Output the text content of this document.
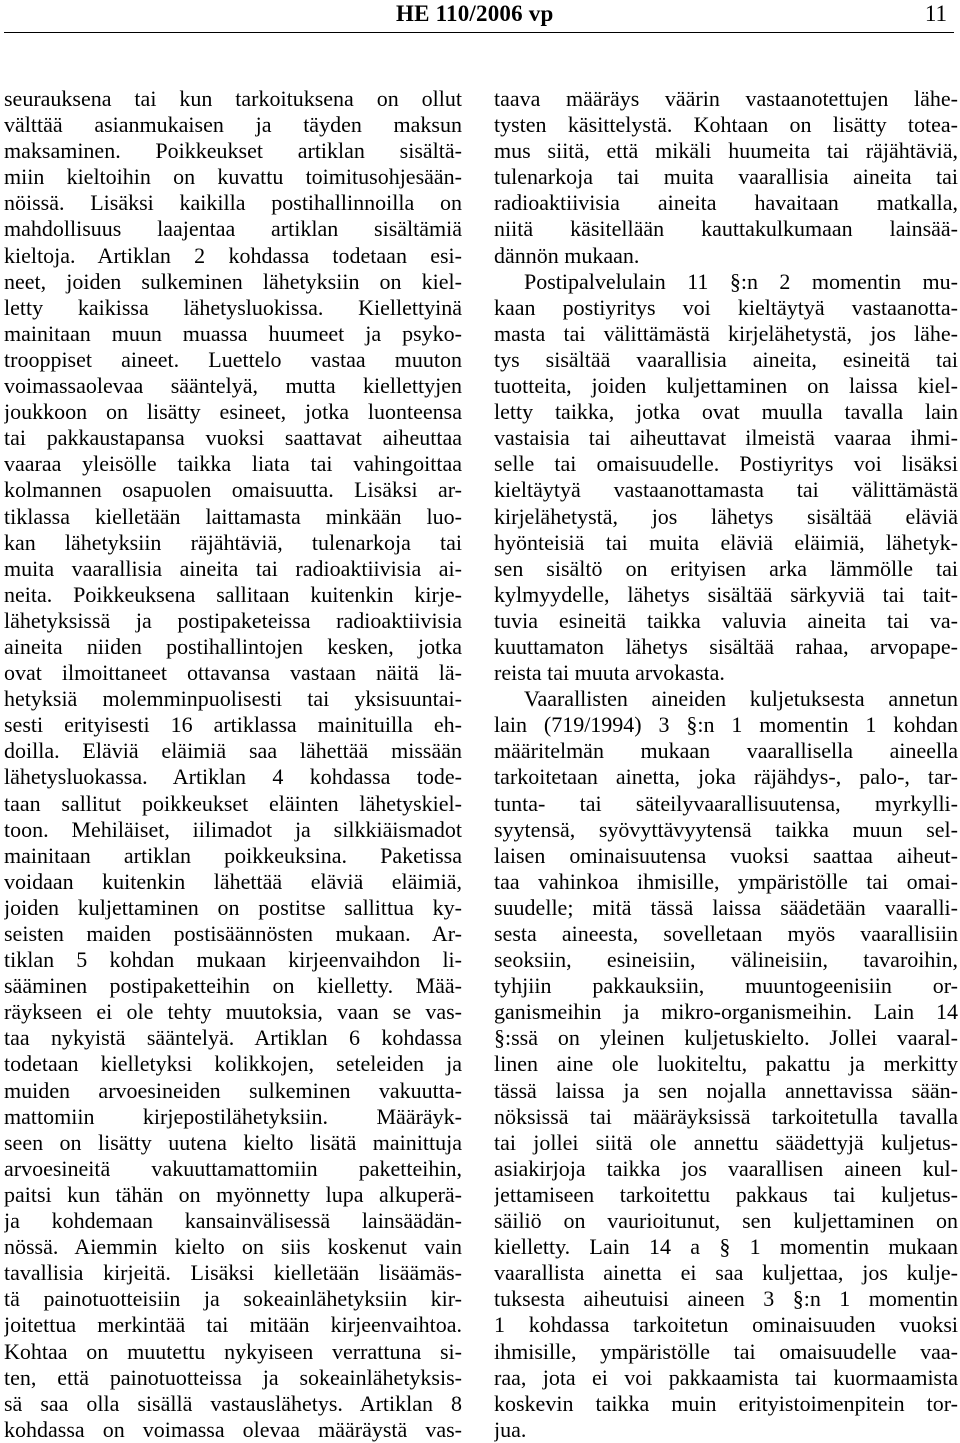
HE 110/2006 vp	11
seurauksena tai kun tarkoituksena on ollut
välttää asianmukaisen ja täyden maksun
maksaminen. Poikkeukset artiklan sisältä-
miin kieltoihin on kuvattu toimitusohjesään-
nöissä. Lisäksi kaikilla postihallinnoilla on
mahdollisuus laajentaa artiklan sisältämiä
kieltoja. Artiklan 2 kohdassa todetaan esi-
neet, joiden sulkeminen lähetyksiin on kiel-
letty kaikissa lähetysluokissa. Kiellettyinä
mainitaan muun muassa huumeet ja psyko-
trooppiset aineet. Luettelo vastaa muuton
voimassaolevaa sääntelyä, mutta kiellettyjen
joukkoon on lisätty esineet, jotka luonteensa
tai pakkaustapansa vuoksi saattavat aiheuttaa
vaaraa yleisölle taikka liata tai vahingoittaa
kolmannen osapuolen omaisuutta. Lisäksi ar-
tiklassa kielletään laittamasta minkään luo-
kan lähetyksiin räjähtäviä, tulenarkoja tai
muita vaarallisia aineita tai radioaktiivisia ai-
neita. Poikkeuksena sallitaan kuitenkin kirje-
lähetyksissä ja postipaketeissa radioaktiivisia
aineita niiden postihallintojen kesken, jotka
ovat ilmoittaneet ottavansa vastaan näitä lä-
hetyksiä molemminpuolisesti tai yksisuuntai-
sesti erityisesti 16 artiklassa mainituilla eh-
doilla. Eläviä eläimiä saa lähettää missään
lähetysluokassa. Artiklan 4 kohdassa tode-
taan sallitut poikkeukset eläinten lähetyskiel-
toon. Mehiläiset, iilimadot ja silkkiäismadot
mainitaan artiklan poikkeuksina. Paketissa
voidaan kuitenkin lähettää eläviä eläimiä,
joiden kuljettaminen on postitse sallittua ky-
seisten maiden postisäännösten mukaan. Ar-
tiklan 5 kohdan mukaan kirjeenvaihdon li-
sääminen postipaketteihin on kielletty. Mää-
räykseen ei ole tehty muutoksia, vaan se vas-
taa nykyistä sääntelyä. Artiklan 6 kohdassa
todetaan kielletyksi kolikkojen, seteleiden ja
muiden arvoesineiden sulkeminen vakuutta-
mattomiin kirjepostilähetyksiin. Määräyk-
seen on lisätty uutena kielto lisätä mainittuja
arvoesineitä vakuuttamattomiin paketteihin,
paitsi kun tähän on myönnetty lupa alkuperä-
ja kohdemaan kansainvälisessä lainsäädän-
nössä. Aiemmin kielto on siis koskenut vain
tavallisia kirjeitä. Lisäksi kielletään lisäämäs-
tä painotuotteisiin ja sokeainlähetyksiin kir-
joitettua merkintää tai mitään kirjeenvaihtoa.
Kohtaa on muutettu nykyiseen verrattuna si-
ten, että painotuotteissa ja sokeainlähetyksis-
sä saa olla sisällä vastauslähetys. Artiklan 8
kohdassa on voimassa olevaa määräystä vas-
taava määräys väärin vastaanotettujen lähe-
tysten käsittelystä. Kohtaan on lisätty totea-
mus siitä, että mikäli huumeita tai räjähtäviä,
tulenarkoja tai muita vaarallisia aineita tai
radioaktiivisia aineita havaitaan matkalla,
niitä käsitellään kauttakulkumaan lainsää-
dännön mukaan.
Postipalvelulain 11 §:n 2 momentin mu-
kaan postiyritys voi kieltäytyä vastaanotta-
masta tai välittämästä kirjelähetystä, jos lähe-
tys sisältää vaarallisia aineita, esineitä tai
tuotteita, joiden kuljettaminen on laissa kiel-
letty taikka, jotka ovat muulla tavalla lain
vastaisia tai aiheuttavat ilmeistä vaaraa ihmi-
selle tai omaisuudelle. Postiyritys voi lisäksi
kieltäytyä vastaanottamasta tai välittämästä
kirjelähetystä, jos lähetys sisältää eläviä
hyönteisiä tai muita eläviä eläimiä, lähetyk-
sen sisältö on erityisen arka lämmölle tai
kylmyydelle, lähetys sisältää särkyviä tai tait-
tuvia esineitä taikka valuvia aineita tai va-
kuuttamaton lähetys sisältää rahaa, arvopape-
reista tai muuta arvokasta.
Vaarallisten aineiden kuljetuksesta annetun
lain (719/1994) 3 §:n 1 momentin 1 kohdan
määritelmän mukaan vaarallisella aineella
tarkoitetaan ainetta, joka räjähdys-, palo-, tar-
tunta- tai säteilyvaarallisuutensa, myrkylli-
syytensä, syövyttävyytensä taikka muun sel-
laisen ominaisuutensa vuoksi saattaa aiheut-
taa vahinkoa ihmisille, ympäristölle tai omai-
suudelle; mitä tässä laissa säädetään vaaralli-
sesta aineesta, sovelletaan myös vaarallisiin
seoksiin, esineisiin, välineisiin, tavaroihin,
tyhjiin pakkauksiin, muuntogeenisiin or-
ganismeihin ja mikro-organismeihin. Lain 14
§:ssä on yleinen kuljetuskielto. Jollei vaaral-
linen aine ole luokiteltu, pakattu ja merkitty
tässä laissa ja sen nojalla annettavissa sään-
nöksissä tai määräyksissä tarkoitetulla tavalla
tai jollei siitä ole annettu säädettyjä kuljetus-
asiakirjoja taikka jos vaarallisen aineen kul-
jettamiseen tarkoitettu pakkaus tai kuljetus-
säiliö on vaurioitunut, sen kuljettaminen on
kielletty. Lain 14 a § 1 momentin mukaan
vaarallista ainetta ei saa kuljettaa, jos kulje-
tuksesta aiheutuisi aineen 3 §:n 1 momentin
1 kohdassa tarkoitetun ominaisuuden vuoksi
ihmisille, ympäristölle tai omaisuudelle vaa-
raa, jota ei voi pakkaamista tai kuormaamista
koskevin taikka muin erityistoimenpitein tor-
jua.
